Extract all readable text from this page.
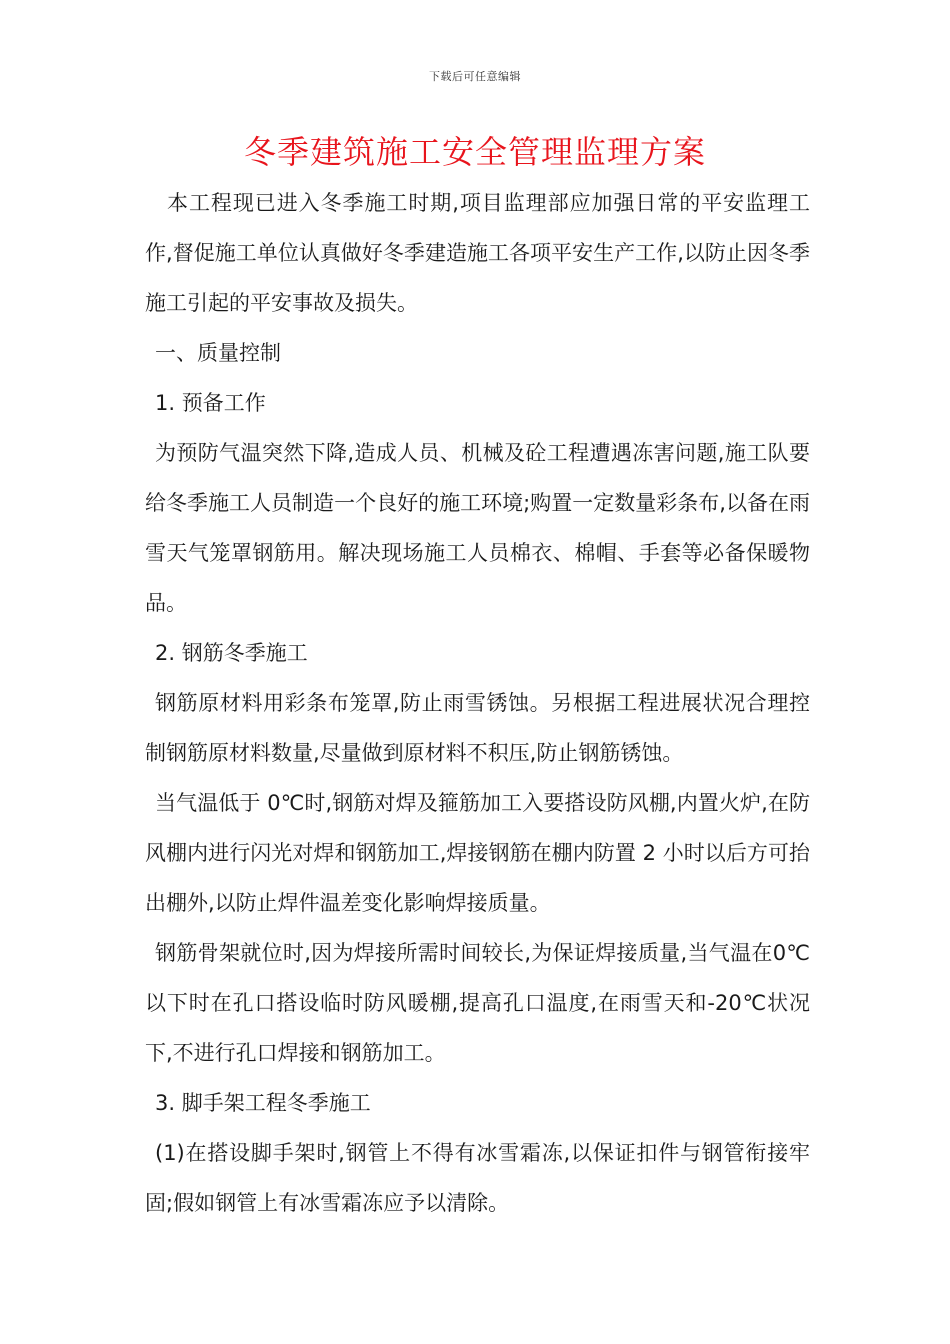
下载后可任意编辑
冬季建筑施工安全管理监理方案

本工程现已进入冬季施工时期,项目监理部应加强日常的平安监理工作,督促施工单位认真做好冬季建造施工各项平安生产工作,以防止因冬季施工引起的平安事故及损失。

一、质量控制

1. 预备工作

为预防气温突然下降,造成人员、机械及砼工程遭遇冻害问题,施工队要给冬季施工人员制造一个良好的施工环境;购置一定数量彩条布,以备在雨雪天气笼罩钢筋用。解决现场施工人员棉衣、棉帽、手套等必备保暖物品。

2. 钢筋冬季施工

钢筋原材料用彩条布笼罩,防止雨雪锈蚀。另根据工程进展状况合理控制钢筋原材料数量,尽量做到原材料不积压,防止钢筋锈蚀。

当气温低于 0℃时,钢筋对焊及箍筋加工入要搭设防风棚,内置火炉,在防风棚内进行闪光对焊和钢筋加工,焊接钢筋在棚内防置 2 小时以后方可抬出棚外,以防止焊件温差变化影响焊接质量。

钢筋骨架就位时,因为焊接所需时间较长,为保证焊接质量,当气温在0℃以下时在孔口搭设临时防风暖棚,提高孔口温度,在雨雪天和-20℃状况下,不进行孔口焊接和钢筋加工。

3. 脚手架工程冬季施工

(1)在搭设脚手架时,钢管上不得有冰雪霜冻,以保证扣件与钢管衔接牢固;假如钢管上有冰雪霜冻应予以清除。
